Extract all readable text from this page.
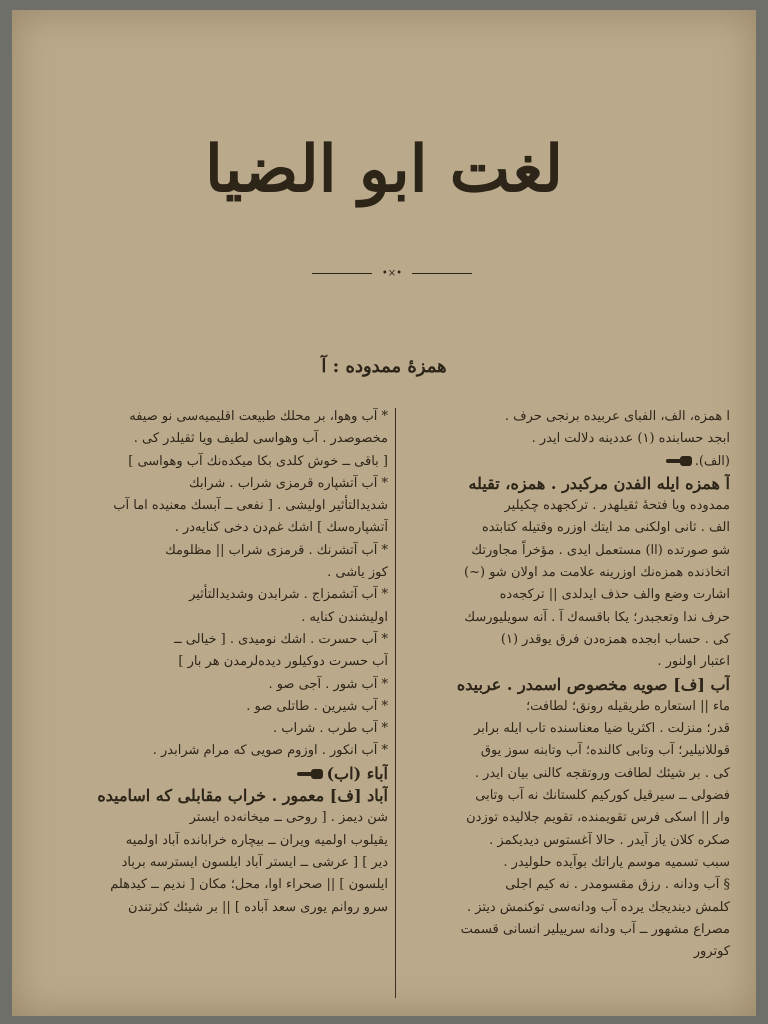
لغت ابو الضيا
•×•
همزهٔ ممدوده : آ
ا همزه، الف، الفبای عربیده برنجی حرف .
ابجد حسابنده (١) عددینه دلالت ایدر .
(الف).
آ همزه ایله الفدن مرکبدر . همزه، تقیله
ممدوده ویا فتحهٔ ثقیلهدر . ترکجهده چکیلیر
الف . ثانی اولکنی مد ایتك اوزره وقتیله کتابتده
شو صورتده (اا) مستعمل ایدی . مؤخراً مجاورتك
اتخاذنده همزه‌نك اوزرینه علامت مد اولان شو (~)
اشارت وضع والف حذف ایدلدی || ترکجه‌ده
حرف ندا وتعجبدر؛ یکا باقسه‌ك آ . آنه سویلیورسك
کی . حساب ابجده همزه‌دن فرق یوقدر (١)
اعتبار اولنور .
آب [ف] صویه مخصوص اسمدر . عربیده
ماء || استعاره طریقیله رونق؛ لطافت؛
قدر؛ منزلت . اکثریا ضیا معناسنده تاب ایله برابر
قوللانیلیر؛ آب وتابی کالنده؛ آب وتابنه سوز یوق
کی . بر شیئك لطافت وروتقجه کالنی بیان ایدر .
فضولی ــ سیرقیل کورکیم کلستانك نه آب وتابی
وار || اسکی فرس تقویمنده، تقویم جلالیده توزدن
صکره کلان یاز آیدر . حالا آغستوس دیدیکمز .
سبب تسمیه موسم یاراتك بوآیده حلولیدر .
§ آب ودانه . رزق مقسومدر . نه کیم اجلی
کلمش دیندیجك یرده آب ودانه‌سی توکنمش دیتز .
مصراع مشهور ــ آب ودانه سرییلیر انسانی قسمت
کوترور
* آب وهوا، بر محلك طبیعت اقلیمیه‌سی نو صیفه
مخصوصدر . آب وهواسی لطیف ویا ثقیلدر کی .
[ باقی ــ خوش کلدی بکا میکده‌نك آب وهواسی ]
* آب آتشپاره قرمزی شراب . شرابك
شدیدالتأثیر اولیشی . [ نفعی ــ آبسك معنیده اما آب
آتشپاره‌سك ] اشك غم‌دن دخی کنایه‌در .
* آب آتشرنك . قرمزی شراب || مظلومك
کوز یاشی .
* آب آتشمزاج . شرابدن وشدیدالتأثیر
اولیشندن کنایه .
* آب حسرت . اشك نومیدی . [ خیالی ــ
آب حسرت دوکیلور دیده‌لرمدن هر بار ]
* آب شور . آجی صو .
* آب شیرین . طاتلی صو .
* آب طرب . شراب .
* آب انکور . اوزوم صویی که مرام شرابدر .
آباء (اب)
آباد [ف] معمور . خراب مقابلی که اسامیده
شن دیمز . [ روحی ــ میخانه‌ده ایستر
یقیلوب اولمیه ویران ــ بیچاره خرابانده آباد اولمیه
دیر ] [ عرشی ــ ایستر آباد ایلسون ایسترسه برباد
ایلسون ] || صحراء اوا، محل؛ مکان [ ندیم ــ کیدهلم
سرو روانم یوری سعد آباده ] || بر شیئك کثرتندن
